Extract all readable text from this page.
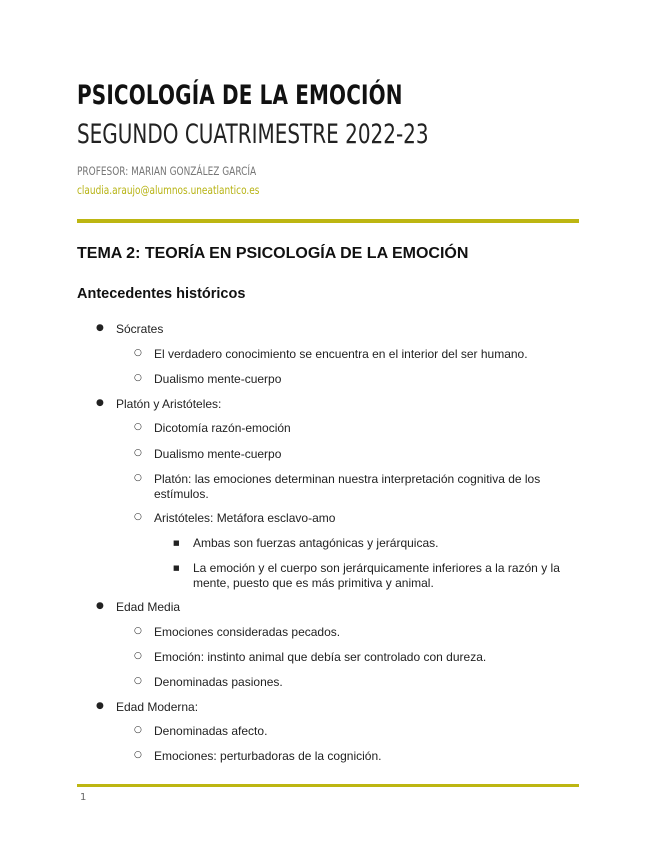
PSICOLOGÍA DE LA EMOCIÓN
SEGUNDO CUATRIMESTRE 2022-23
PROFESOR: MARIAN GONZÁLEZ GARCÍA
claudia.araujo@alumnos.uneatlantico.es
TEMA 2: TEORÍA EN PSICOLOGÍA DE LA EMOCIÓN
Antecedentes históricos
● Sócrates
○ El verdadero conocimiento se encuentra en el interior del ser humano.
○ Dualismo mente-cuerpo
● Platón y Aristóteles:
○ Dicotomía razón-emoción
○ Dualismo mente-cuerpo
○ Platón: las emociones determinan nuestra interpretación cognitiva de los estímulos.
○ Aristóteles: Metáfora esclavo-amo
■ Ambas son fuerzas antagónicas y jerárquicas.
■ La emoción y el cuerpo son jerárquicamente inferiores a la razón y la mente, puesto que es más primitiva y animal.
● Edad Media
○ Emociones consideradas pecados.
○ Emoción: instinto animal que debía ser controlado con dureza.
○ Denominadas pasiones.
● Edad Moderna:
○ Denominadas afecto.
○ Emociones: perturbadoras de la cognición.
1
